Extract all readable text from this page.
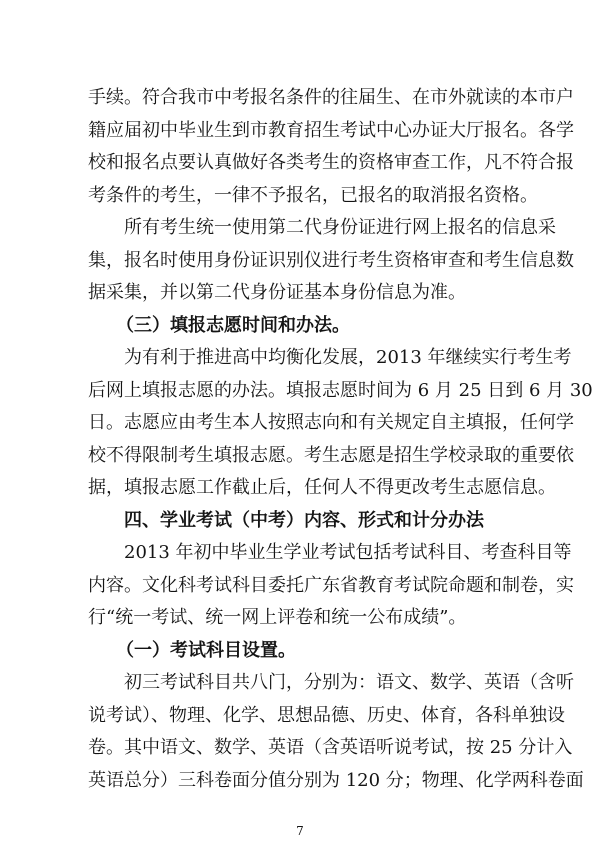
手续。符合我市中考报名条件的往届生、在市外就读的本市户

籍应届初中毕业生到市教育招生考试中心办证大厅报名。各学

校和报名点要认真做好各类考生的资格审查工作，凡不符合报

考条件的考生，一律不予报名，已报名的取消报名资格。

所有考生统一使用第二代身份证进行网上报名的信息采

集，报名时使用身份证识别仪进行考生资格审查和考生信息数

据采集，并以第二代身份证基本身份信息为准。

（三）填报志愿时间和办法。

为有利于推进高中均衡化发展，2013 年继续实行考生考

后网上填报志愿的办法。填报志愿时间为 6 月 25 日到 6 月 30

日。志愿应由考生本人按照志向和有关规定自主填报，任何学

校不得限制考生填报志愿。考生志愿是招生学校录取的重要依

据，填报志愿工作截止后，任何人不得更改考生志愿信息。

四、学业考试（中考）内容、形式和计分办法

2013 年初中毕业生学业考试包括考试科目、考查科目等

内容。文化科考试科目委托广东省教育考试院命题和制卷，实

行“统一考试、统一网上评卷和统一公布成绩”。

（一）考试科目设置。

初三考试科目共八门，分别为：语文、数学、英语（含听

说考试）、物理、化学、思想品德、历史、体育，各科单独设

卷。其中语文、数学、英语（含英语听说考试，按 25 分计入

英语总分）三科卷面分值分别为 120 分；物理、化学两科卷面

7
